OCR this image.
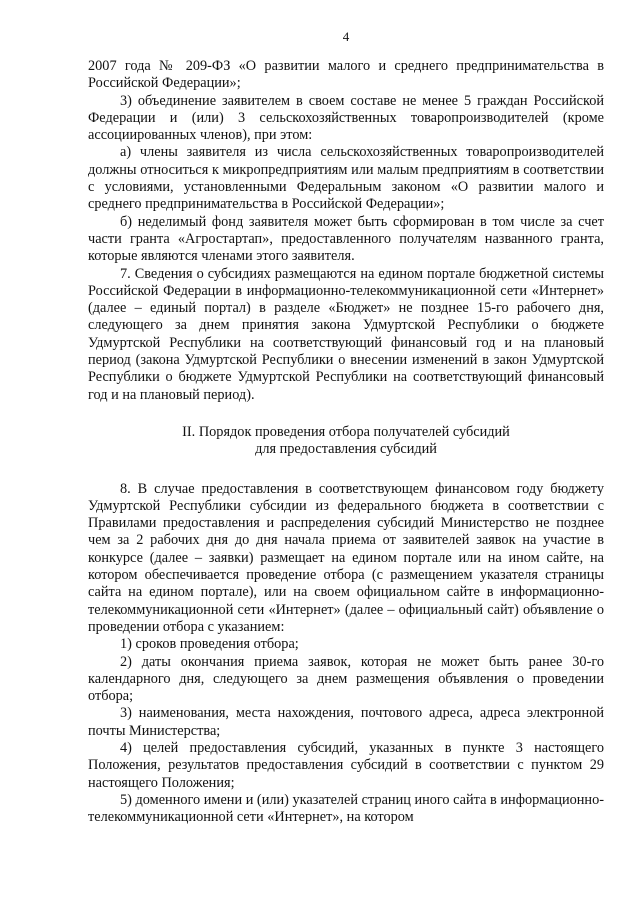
4

2007 года № 209-ФЗ «О развитии малого и среднего предпринимательства в Российской Федерации»;

3) объединение заявителем в своем составе не менее 5 граждан Российской Федерации и (или) 3 сельскохозяйственных товаропроизводителей (кроме ассоциированных членов), при этом:

а) члены заявителя из числа сельскохозяйственных товаропроизводителей должны относиться к микропредприятиям или малым предприятиям в соответствии с условиями, установленными Федеральным законом «О развитии малого и среднего предпринимательства в Российской Федерации»;

б) неделимый фонд заявителя может быть сформирован в том числе за счет части гранта «Агростартап», предоставленного получателям названного гранта, которые являются членами этого заявителя.

7. Сведения о субсидиях размещаются на едином портале бюджетной системы Российской Федерации в информационно-телекоммуникационной сети «Интернет» (далее – единый портал) в разделе «Бюджет» не позднее 15-го рабочего дня, следующего за днем принятия закона Удмуртской Республики о бюджете Удмуртской Республики на соответствующий финансовый год и на плановый период (закона Удмуртской Республики о внесении изменений в закон Удмуртской Республики о бюджете Удмуртской Республики на соответствующий финансовый год и на плановый период).

II. Порядок проведения отбора получателей субсидий
для предоставления субсидий

8. В случае предоставления в соответствующем финансовом году бюджету Удмуртской Республики субсидии из федерального бюджета в соответствии с Правилами предоставления и распределения субсидий Министерство не позднее чем за 2 рабочих дня до дня начала приема от заявителей заявок на участие в конкурсе (далее – заявки) размещает на едином портале или на ином сайте, на котором обеспечивается проведение отбора (с размещением указателя страницы сайта на едином портале), или на своем официальном сайте в информационно-телекоммуникационной сети «Интернет» (далее – официальный сайт) объявление о проведении отбора с указанием:

1) сроков проведения отбора;

2) даты окончания приема заявок, которая не может быть ранее 30-го календарного дня, следующего за днем размещения объявления о проведении отбора;

3) наименования, места нахождения, почтового адреса, адреса электронной почты Министерства;

4) целей предоставления субсидий, указанных в пункте 3 настоящего Положения, результатов предоставления субсидий в соответствии с пунктом 29 настоящего Положения;

5) доменного имени и (или) указателей страниц иного сайта в информационно-телекоммуникационной сети «Интернет», на котором
